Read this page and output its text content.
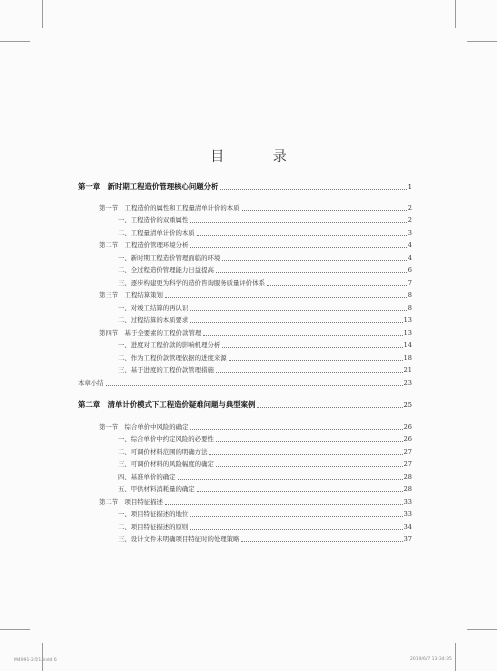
目 录
第一章　新时期工程造价管理核心问题分析	1
第一节　工程造价的属性和工程量清单计价的本质	2
一、工程造价的双重属性	2
二、工程量清单计价的本质	3
第二节　工程造价管理环境分析	4
一、新时期工程造价管理面临的环境	4
二、全过程造价管理能力日益提高	6
三、逐步构建更为科学的造价咨询服务质量评价体系	7
第三节　工程结算策划	8
一、对竣工结算的再认识	8
二、过程结算的本质要求	13
第四节　基于全要素的工程价款管理	13
一、进度对工程价款的影响机理分析	14
二、作为工程价款管理依据的进度来源	18
三、基于进度的工程价款管理措施	21
本章小结	23
第二章　清单计价模式下工程造价疑难问题与典型案例	25
第一节　综合单价中风险的确定	26
一、综合单价中约定风险的必要性	26
二、可调价材料范围的明确方法	27
三、可调价材料的风险幅度的确定	27
四、基准单价的确定	28
五、甲供材料消耗量的确定	28
第二节　项目特征描述	33
一、项目特征描述的地位	33
二、项目特征描述的原则	34
三、设计文件未明确项目特征时的处理策略	37
M4991-2章1.indd 6	2019/6/7 13:34:35
